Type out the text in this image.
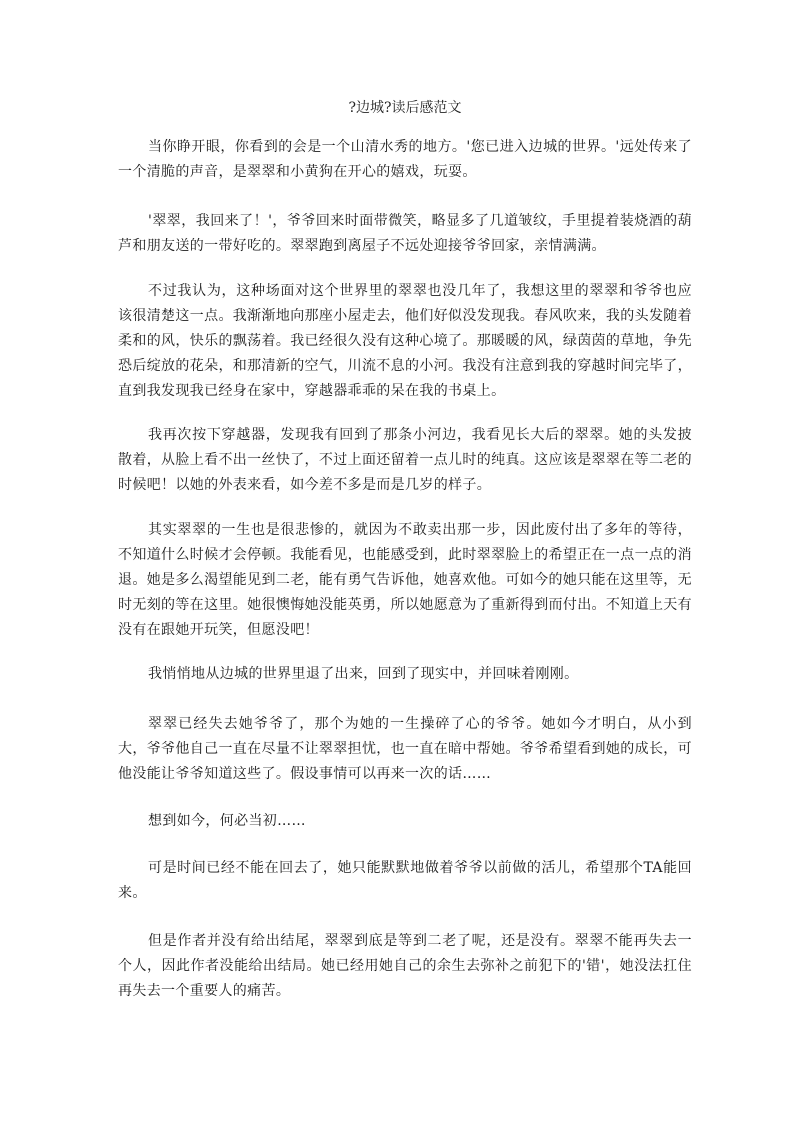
?边城?读后感范文

当你睁开眼，你看到的会是一个山清水秀的地方。'您已进入边城的世界。'远处传来了一个清脆的声音，是翠翠和小黄狗在开心的嬉戏，玩耍。

'翠翠，我回来了！'，爷爷回来时面带微笑，略显多了几道皱纹，手里提着装烧酒的葫芦和朋友送的一带好吃的。翠翠跑到离屋子不远处迎接爷爷回家，亲情满满。

不过我认为，这种场面对这个世界里的翠翠也没几年了，我想这里的翠翠和爷爷也应该很清楚这一点。我渐渐地向那座小屋走去，他们好似没发现我。春风吹来，我的头发随着柔和的风，快乐的飘荡着。我已经很久没有这种心境了。那暖暖的风，绿茵茵的草地，争先恐后绽放的花朵，和那清新的空气，川流不息的小河。我没有注意到我的穿越时间完毕了，直到我发现我已经身在家中，穿越器乖乖的呆在我的书桌上。

我再次按下穿越器，发现我有回到了那条小河边，我看见长大后的翠翠。她的头发披散着，从脸上看不出一丝快了，不过上面还留着一点儿时的纯真。这应该是翠翠在等二老的时候吧！以她的外表来看，如今差不多是而是几岁的样子。

其实翠翠的一生也是很悲惨的，就因为不敢卖出那一步，因此废付出了多年的等待，不知道什么时候才会停顿。我能看见，也能感受到，此时翠翠脸上的希望正在一点一点的消退。她是多么渴望能见到二老，能有勇气告诉他，她喜欢他。可如今的她只能在这里等，无时无刻的等在这里。她很懊悔她没能英勇，所以她愿意为了重新得到而付出。不知道上天有没有在跟她开玩笑，但愿没吧！

我悄悄地从边城的世界里退了出来，回到了现实中，并回味着刚刚。

翠翠已经失去她爷爷了，那个为她的一生操碎了心的爷爷。她如今才明白，从小到大，爷爷他自己一直在尽量不让翠翠担忧，也一直在暗中帮她。爷爷希望看到她的成长，可他没能让爷爷知道这些了。假设事情可以再来一次的话……

想到如今，何必当初……

可是时间已经不能在回去了，她只能默默地做着爷爷以前做的活儿，希望那个TA能回来。

但是作者并没有给出结尾，翠翠到底是等到二老了呢，还是没有。翠翠不能再失去一个人，因此作者没能给出结局。她已经用她自己的余生去弥补之前犯下的'错'，她没法扛住再失去一个重要人的痛苦。
